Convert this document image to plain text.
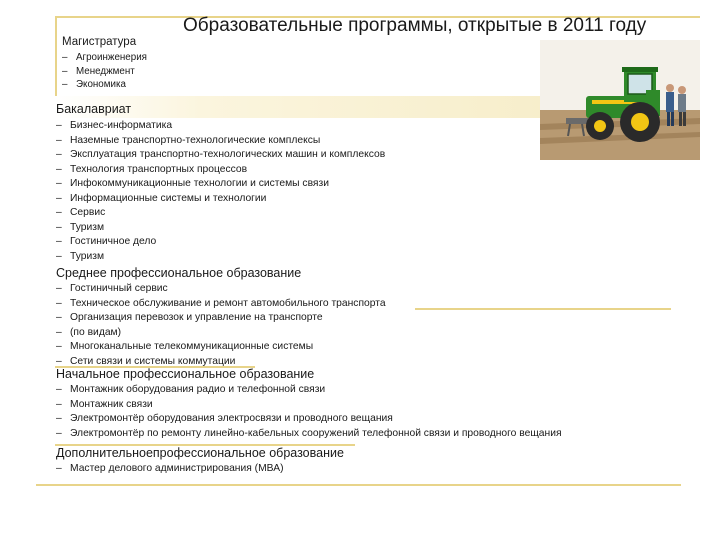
Образовательные программы, открытые в 2011 году
Магистратура
– Агроинженерия
– Менеджмент
– Экономика
Бакалавриат
– Бизнес-информатика
– Наземные транспортно-технологические комплексы
– Эксплуатация транспортно-технологических машин и комплексов
– Технология транспортных процессов
– Инфокоммуникационные технологии и системы связи
– Информационные системы и технологии
– Сервис
– Туризм
– Гостиничное дело
– Туризм
Среднее профессиональное образование
– Гостиничный сервис
– Техническое обслуживание и ремонт автомобильного транспорта
– Организация перевозок и управление на транспорте
– (по видам)
– Многоканальные телекоммуникационные системы
– Сети связи и системы коммутации
Начальное профессиональное образование
– Монтажник оборудования радио и телефонной связи
– Монтажник связи
– Электромонтёр оборудования электросвязи и проводного вещания
– Электромонтёр по ремонту линейно-кабельных сооружений телефонной связи и проводного вещания
Дополнительноепрофессиональное образование
– Мастер делового администрирования (МВА)
